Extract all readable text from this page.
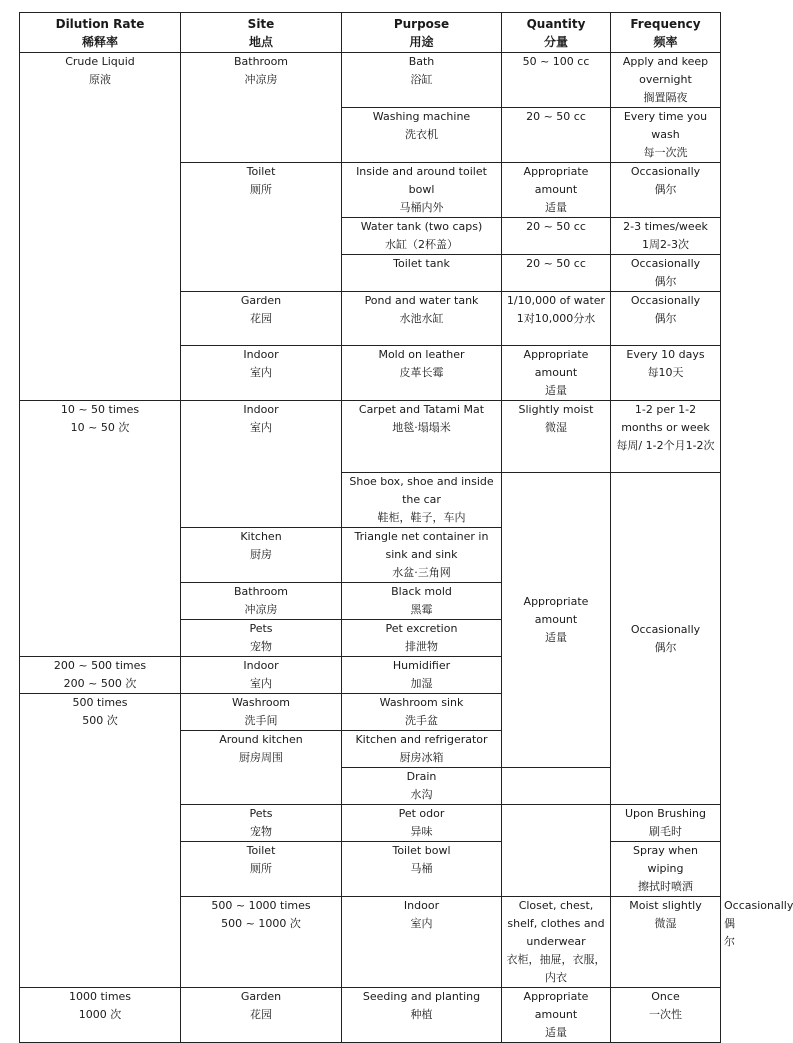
Dilution Rate
稀释率	Site
地点	Purpose
用途	Quantity
分量	Frequency
频率	

Crude Liquid
原液	Bathroom
冲凉房	Bath
浴缸	50 ~ 100 cc	Apply and keep overnight
搁置隔夜	

		Washing machine
洗衣机	20 ~ 50 cc	Every time you wash
每一次洗	

	Toilet
厕所	Inside and around toilet bowl
马桶内外	Appropriate amount
适量	Occasionally
偶尔	

		Water tank (two caps)
水缸（2杯盖）	20 ~ 50 cc	2-3 times/week
1周2-3次	

		Toilet tank	20 ~ 50 cc	Occasionally
偶尔	

	Garden
花园	Pond and water tank
水池水缸	1/10,000 of water
1对10,000分水	Occasionally
偶尔	

	Indoor
室内	Mold on leather
皮革长霉	Appropriate amount
适量	Every 10 days
每10天	

10 ~ 50 times
10 ~ 50 次	Indoor
室内	Carpet and Tatami Mat
地毯·塌塌米	Slightly moist
微湿	1-2 per 1-2 months or week
每周/ 1-2个月1-2次	

		Shoe box, shoe and inside the car
鞋柜，鞋子，车内	Appropriate amount
适量	Occasionally
偶尔	

	Kitchen
厨房	Triangle net container in sink and sink
水盆·三角网			

	Bathroom
冲凉房	Black mold
黑霉			

	Pets
宠物	Pet excretion
排泄物			

200 ~ 500 times
200 ~ 500 次	Indoor
室内	Humidifier
加湿			

500 times
500 次	Washroom
洗手间	Washroom sink
洗手盆			

	Around kitchen
厨房周围	Kitchen and refrigerator
厨房冰箱			

		Drain
水沟			

	Pets
宠物	Pet odor
异味		Upon Brushing
刷毛时	

	Toilet
厕所	Toilet bowl
马桶		Spray when wiping
擦拭时喷洒	

	500 ~ 1000 times
500 ~ 1000 次	Indoor
室内	Closet, chest, shelf, clothes and underwear
衣柜，抽屉，衣服，内衣	Moist slightly
微湿	Occasionally
偶尔

1000 times
1000 次	Garden
花园	Seeding and planting
种植	Appropriate amount
适量	Once
一次性	
